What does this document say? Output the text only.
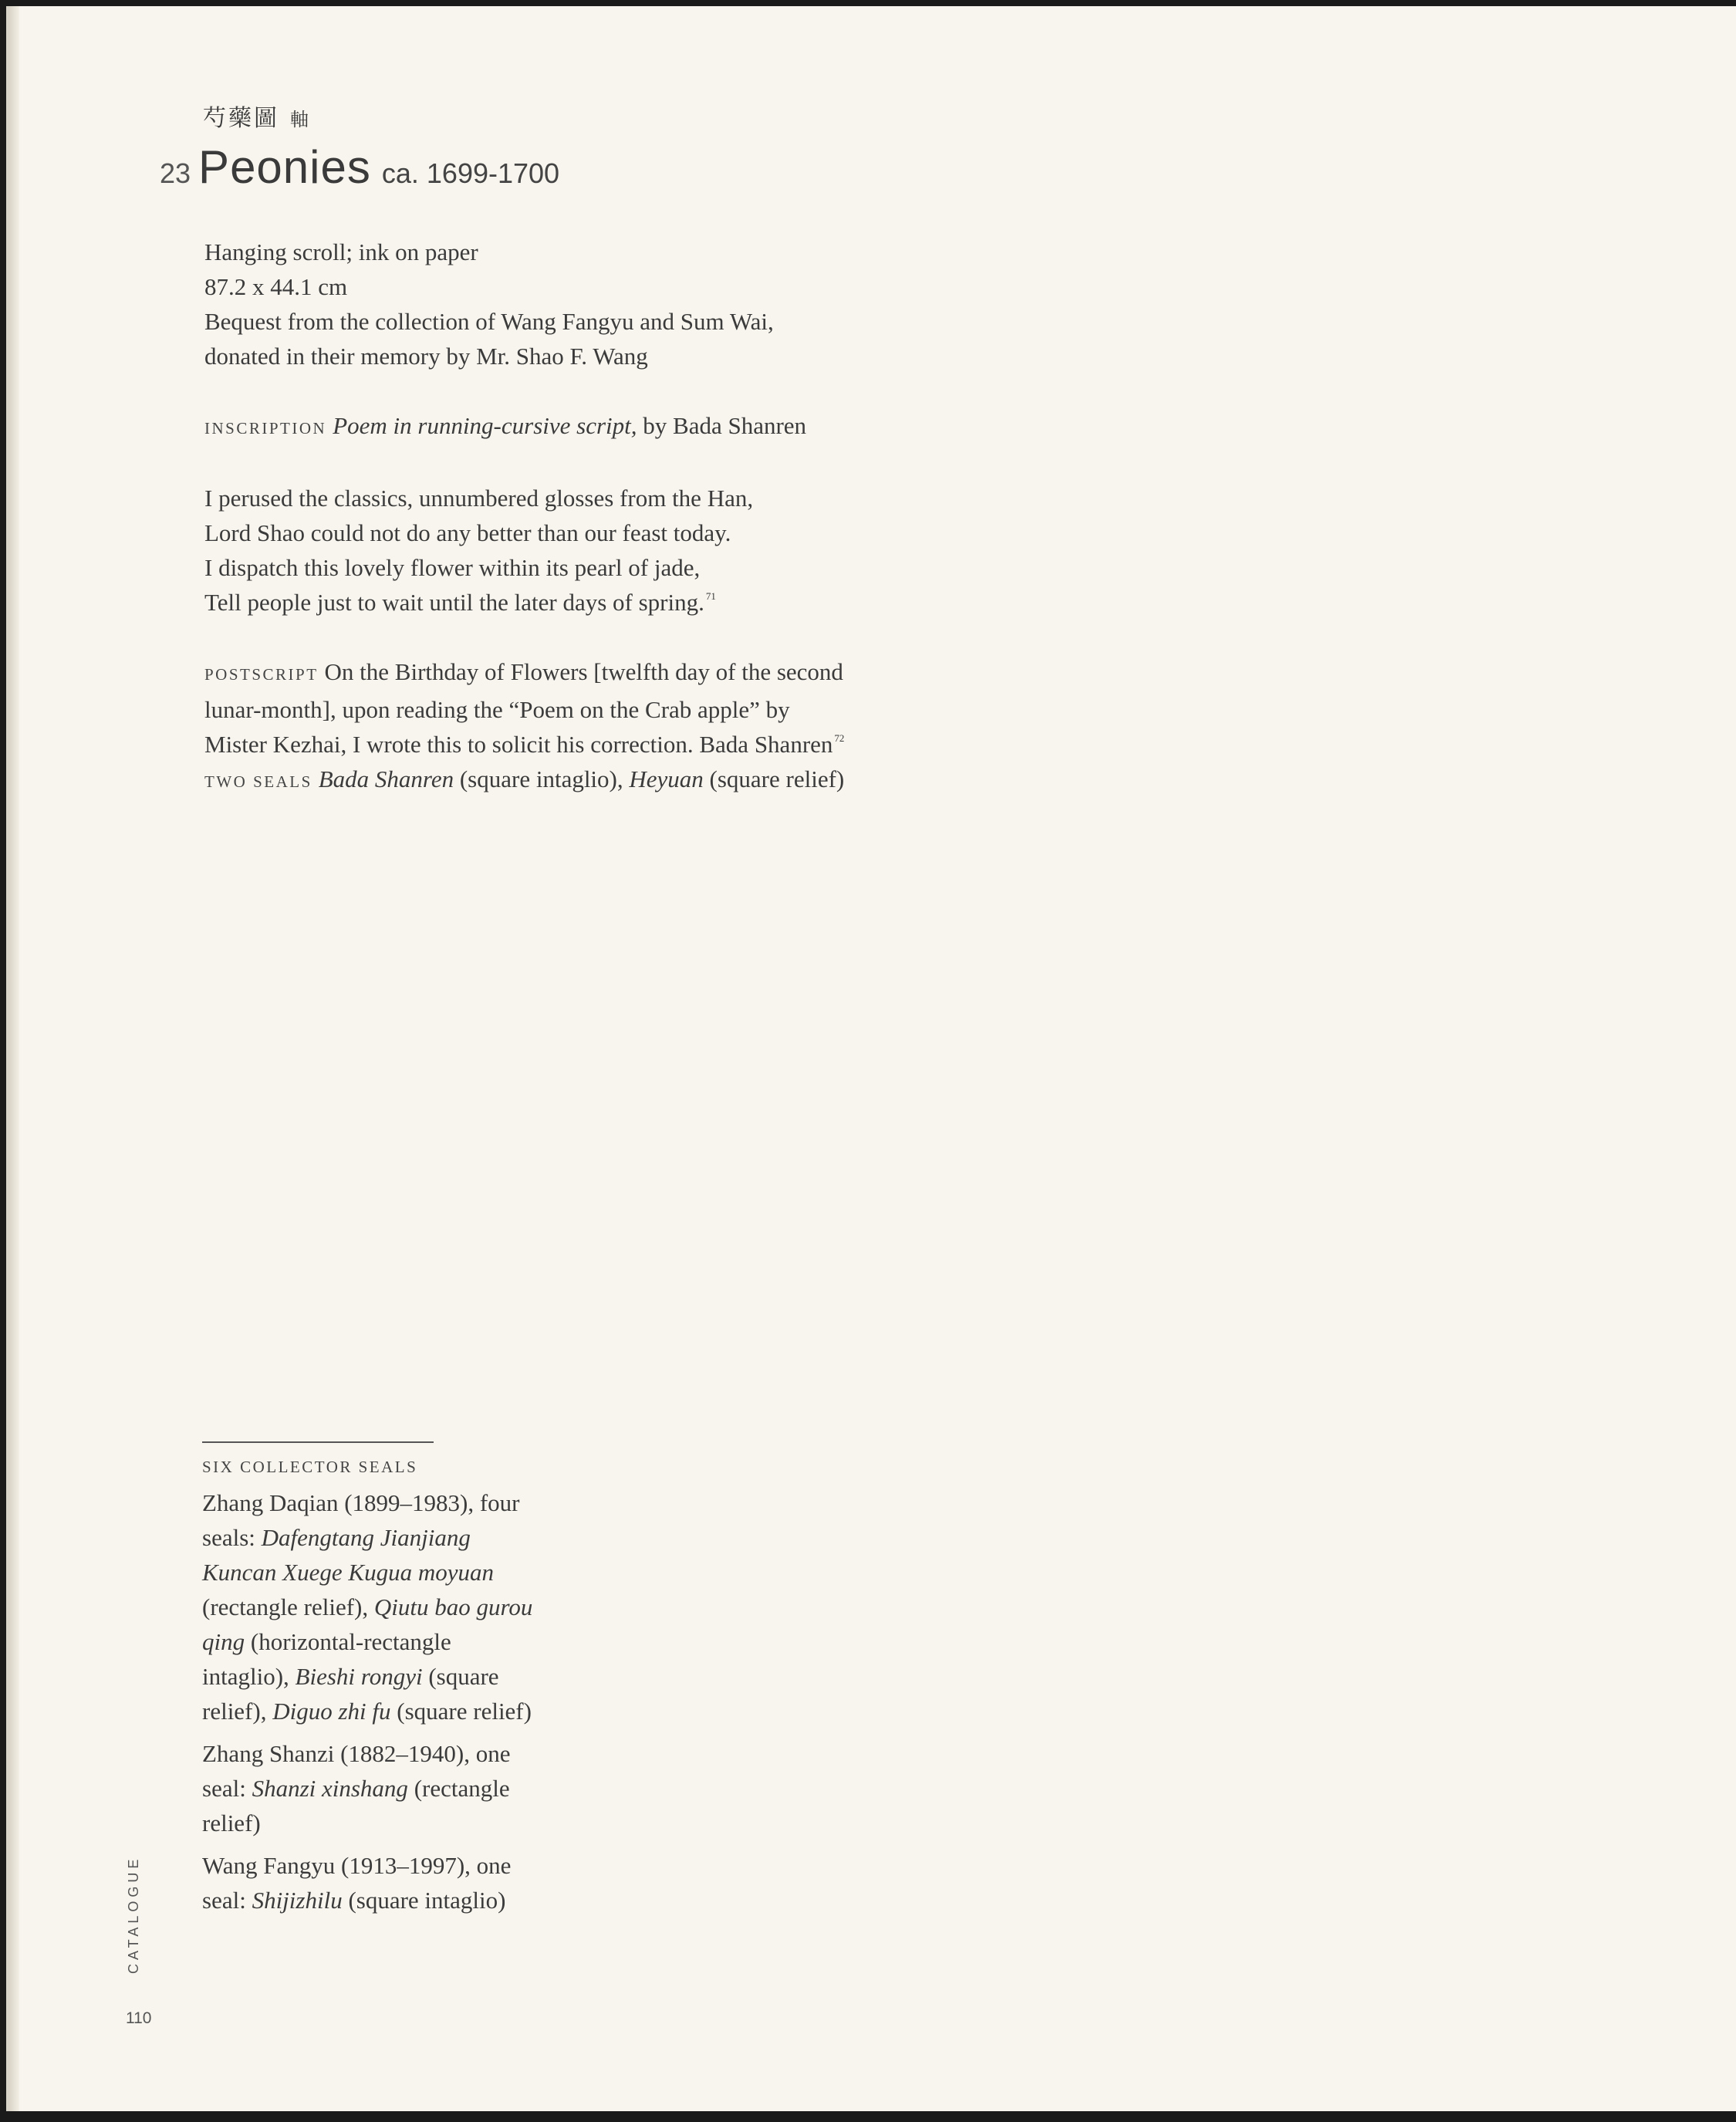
芍藥圖 軸
23 Peonies ca. 1699-1700

Hanging scroll; ink on paper

87.2 x 44.1 cm

Bequest from the collection of Wang Fangyu and Sum Wai,

donated in their memory by Mr. Shao F. Wang

INSCRIPTION Poem in running-cursive script, by Bada Shanren

I perused the classics, unnumbered glosses from the Han,

Lord Shao could not do any better than our feast today.

I dispatch this lovely flower within its pearl of jade,

Tell people just to wait until the later days of spring. $^{71}$

POSTSCRIPT On the Birthday of Flowers [twelfth day of the second lunar-month], upon reading the “Poem on the Crab apple” by Mister Kezhai, I wrote this to solicit his correction. Bada Shanren $^{72}$

TWO SEALS Bada Shanren (square intaglio), Heyuan (square relief)

SIX COLLECTOR SEALS

Zhang Daqian (1899–1983), four seals: Dafengtang Jianjiang Kuncan Xuege Kugua moyuan (rectangle relief), Qiutu bao gurou qing (horizontal-rectangle intaglio), Bieshi rongyi (square relief), Diguo zhi fu (square relief)

Zhang Shanzi (1882–1940), one seal: Shanzi xinshang (rectangle relief)

Wang Fangyu (1913–1997), one seal: Shijizhilu (square intaglio)

CATALOGUE
110
